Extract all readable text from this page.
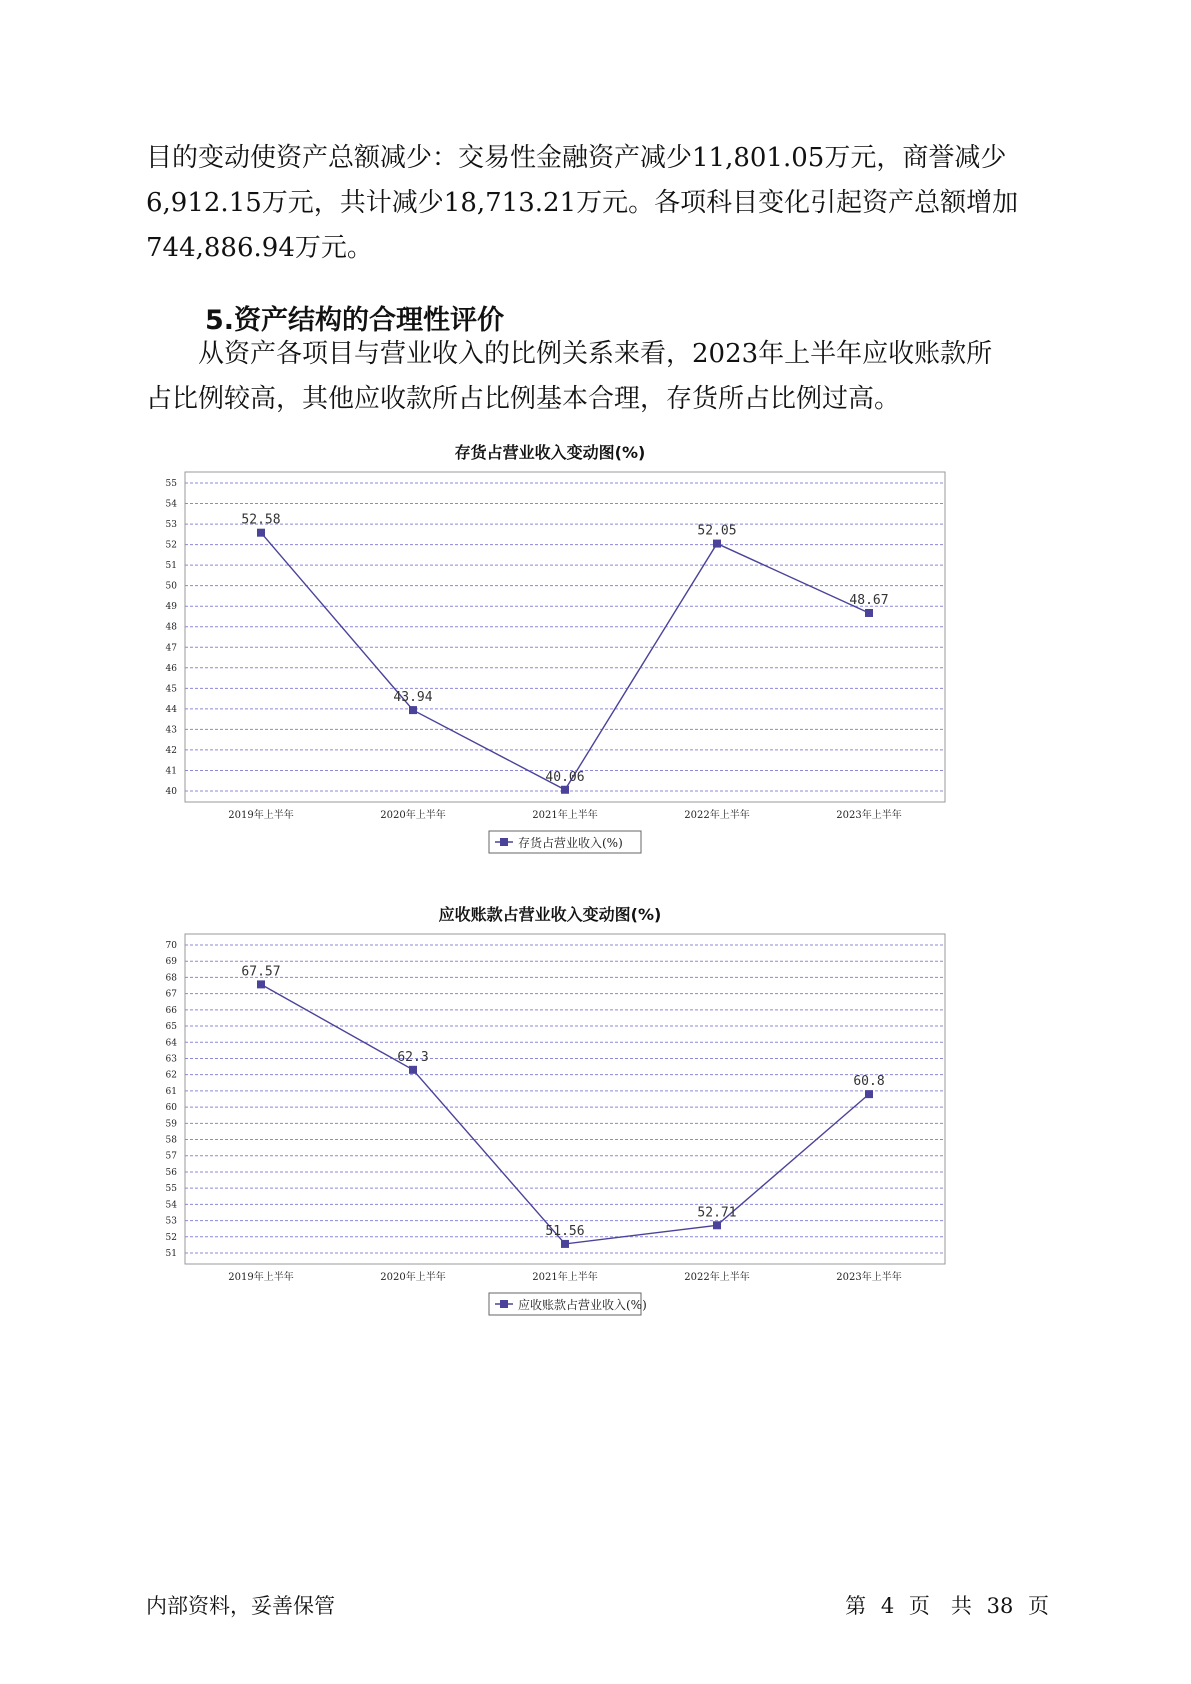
目的变动使资产总额减少：交易性金融资产减少11,801.05万元，商誉减少
6,912.15万元，共计减少18,713.21万元。各项科目变化引起资产总额增加
744,886.94万元。

5.资产结构的合理性评价

　　从资产各项目与营业收入的比例关系来看，2023年上半年应收账款所
占比例较高，其他应收款所占比例基本合理，存货所占比例过高。

存货占营业收入变动图(%)
40
41
42
43
44
45
46
47
48
49
50
51
52
53
54
55
2019年上半年	2020年上半年	2021年上半年	2022年上半年	2023年上半年
52.58
43.94
40.06
52.05
48.67
存货占营业收入(%)
应收账款占营业收入变动图(%)
51
52
53
54
55
56
57
58
59
60
61
62
63
64
65
66
67
68
69
70
2019年上半年	2020年上半年	2021年上半年	2022年上半年	2023年上半年
67.57
62.3
51.56
52.71
60.8
应收账款占营业收入(%)
内部资料，妥善保管	第 4 页　共 38 页
